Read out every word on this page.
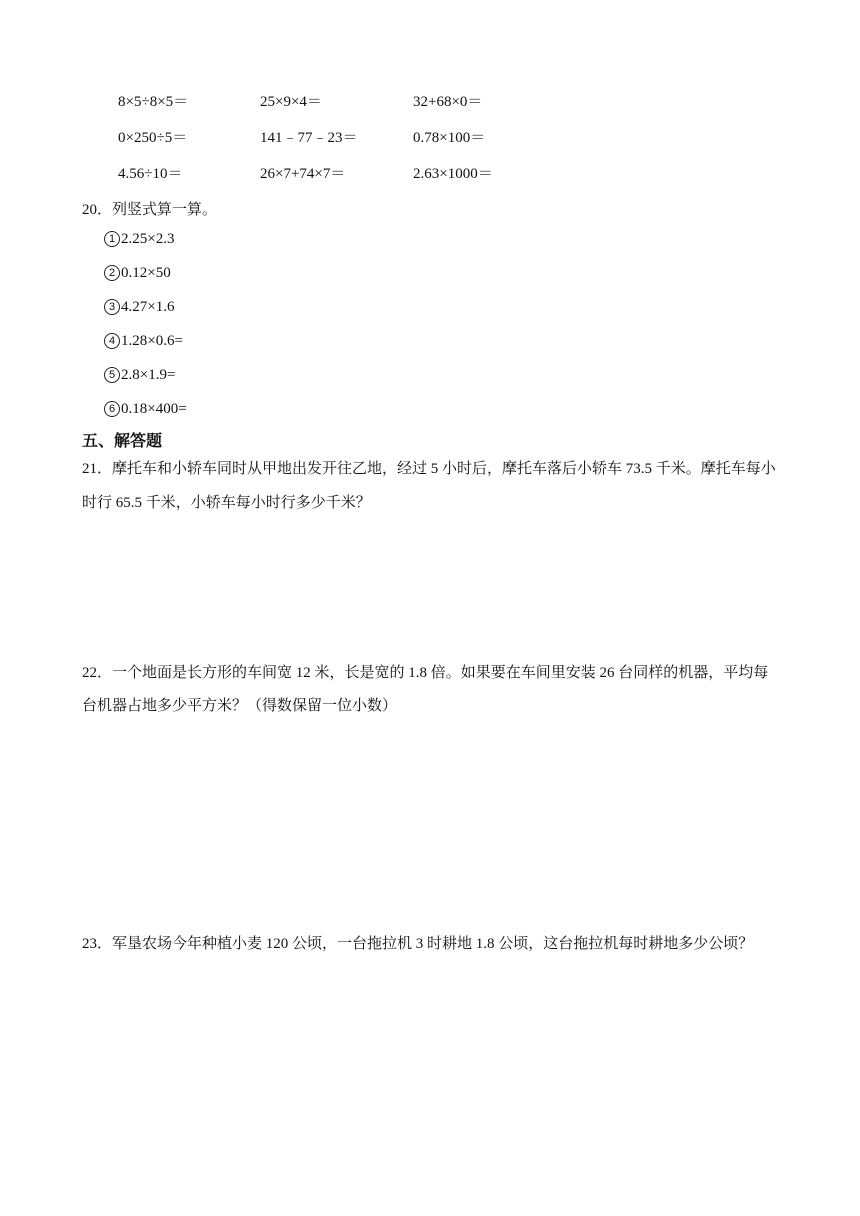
8×5÷8×5＝	25×9×4＝	32+68×0＝
0×250÷5＝	141﹣77﹣23＝	0.78×100＝
4.56÷10＝	26×7+74×7＝	2.63×1000＝
20．列竖式算一算。
1 2.25×2.3
2 0.12×50
3 4.27×1.6
4 1.28×0.6=
5 2.8×1.9=
6 0.18×400=
五、解答题
21．摩托车和小轿车同时从甲地出发开往乙地，经过 5 小时后，摩托车落后小轿车 73.5 千米。摩托车每小
时行 65.5 千米，小轿车每小时行多少千米？
22．一个地面是长方形的车间宽 12 米，长是宽的 1.8 倍。如果要在车间里安装 26 台同样的机器，平均每
台机器占地多少平方米？（得数保留一位小数）
23．军垦农场今年种植小麦 120 公顷，一台拖拉机 3 时耕地 1.8 公顷，这台拖拉机每时耕地多少公顷？
